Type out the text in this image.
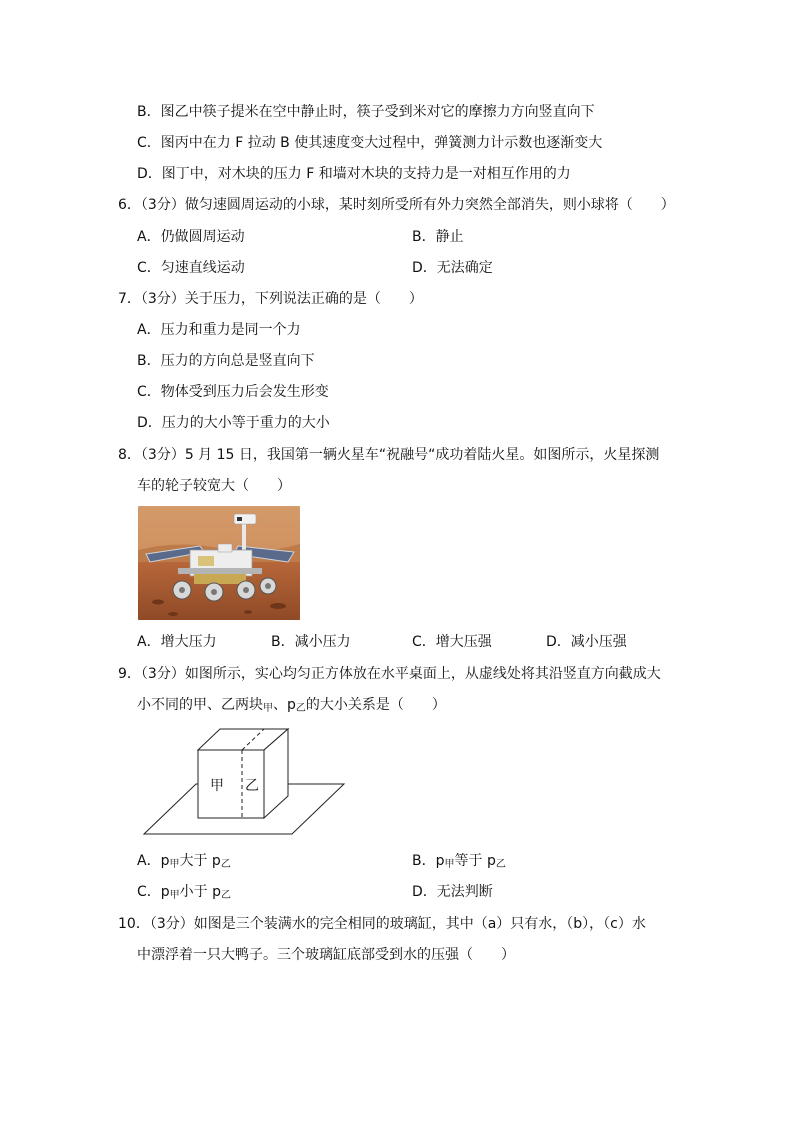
B．图乙中筷子提米在空中静止时，筷子受到米对它的摩擦力方向竖直向下
C．图丙中在力 F 拉动 B 使其速度变大过程中，弹簧测力计示数也逐渐变大
D．图丁中，对木块的压力 F 和墙对木块的支持力是一对相互作用的力
6．（3分）做匀速圆周运动的小球，某时刻所受所有外力突然全部消失，则小球将（　　）
A．仍做圆周运动	B．静止
C．匀速直线运动	D．无法确定
7．（3分）关于压力，下列说法正确的是（　　）
A．压力和重力是同一个力
B．压力的方向总是竖直向下
C．物体受到压力后会发生形变
D．压力的大小等于重力的大小
8．（3分）5 月 15 日，我国第一辆火星车“祝融号“成功着陆火星。如图所示，火星探测
车的轮子较宽大（　　）
A．增大压力	B．减小压力	C．增大压强	D．减小压强
9．（3分）如图所示，实心均匀正方体放在水平桌面上，从虚线处将其沿竖直方向截成大
小不同的甲、乙两块$_甲$、$p_乙$的大小关系是（　　）
甲 乙
A．$p_甲$大于 $p_乙$	B．$p_甲$等于 $p_乙$
C．$p_甲$小于 $p_乙$	D．无法判断
10．（3分）如图是三个装满水的完全相同的玻璃缸，其中（a）只有水，（b），（c）水
中漂浮着一只大鸭子。三个玻璃缸底部受到水的压强（　　）
